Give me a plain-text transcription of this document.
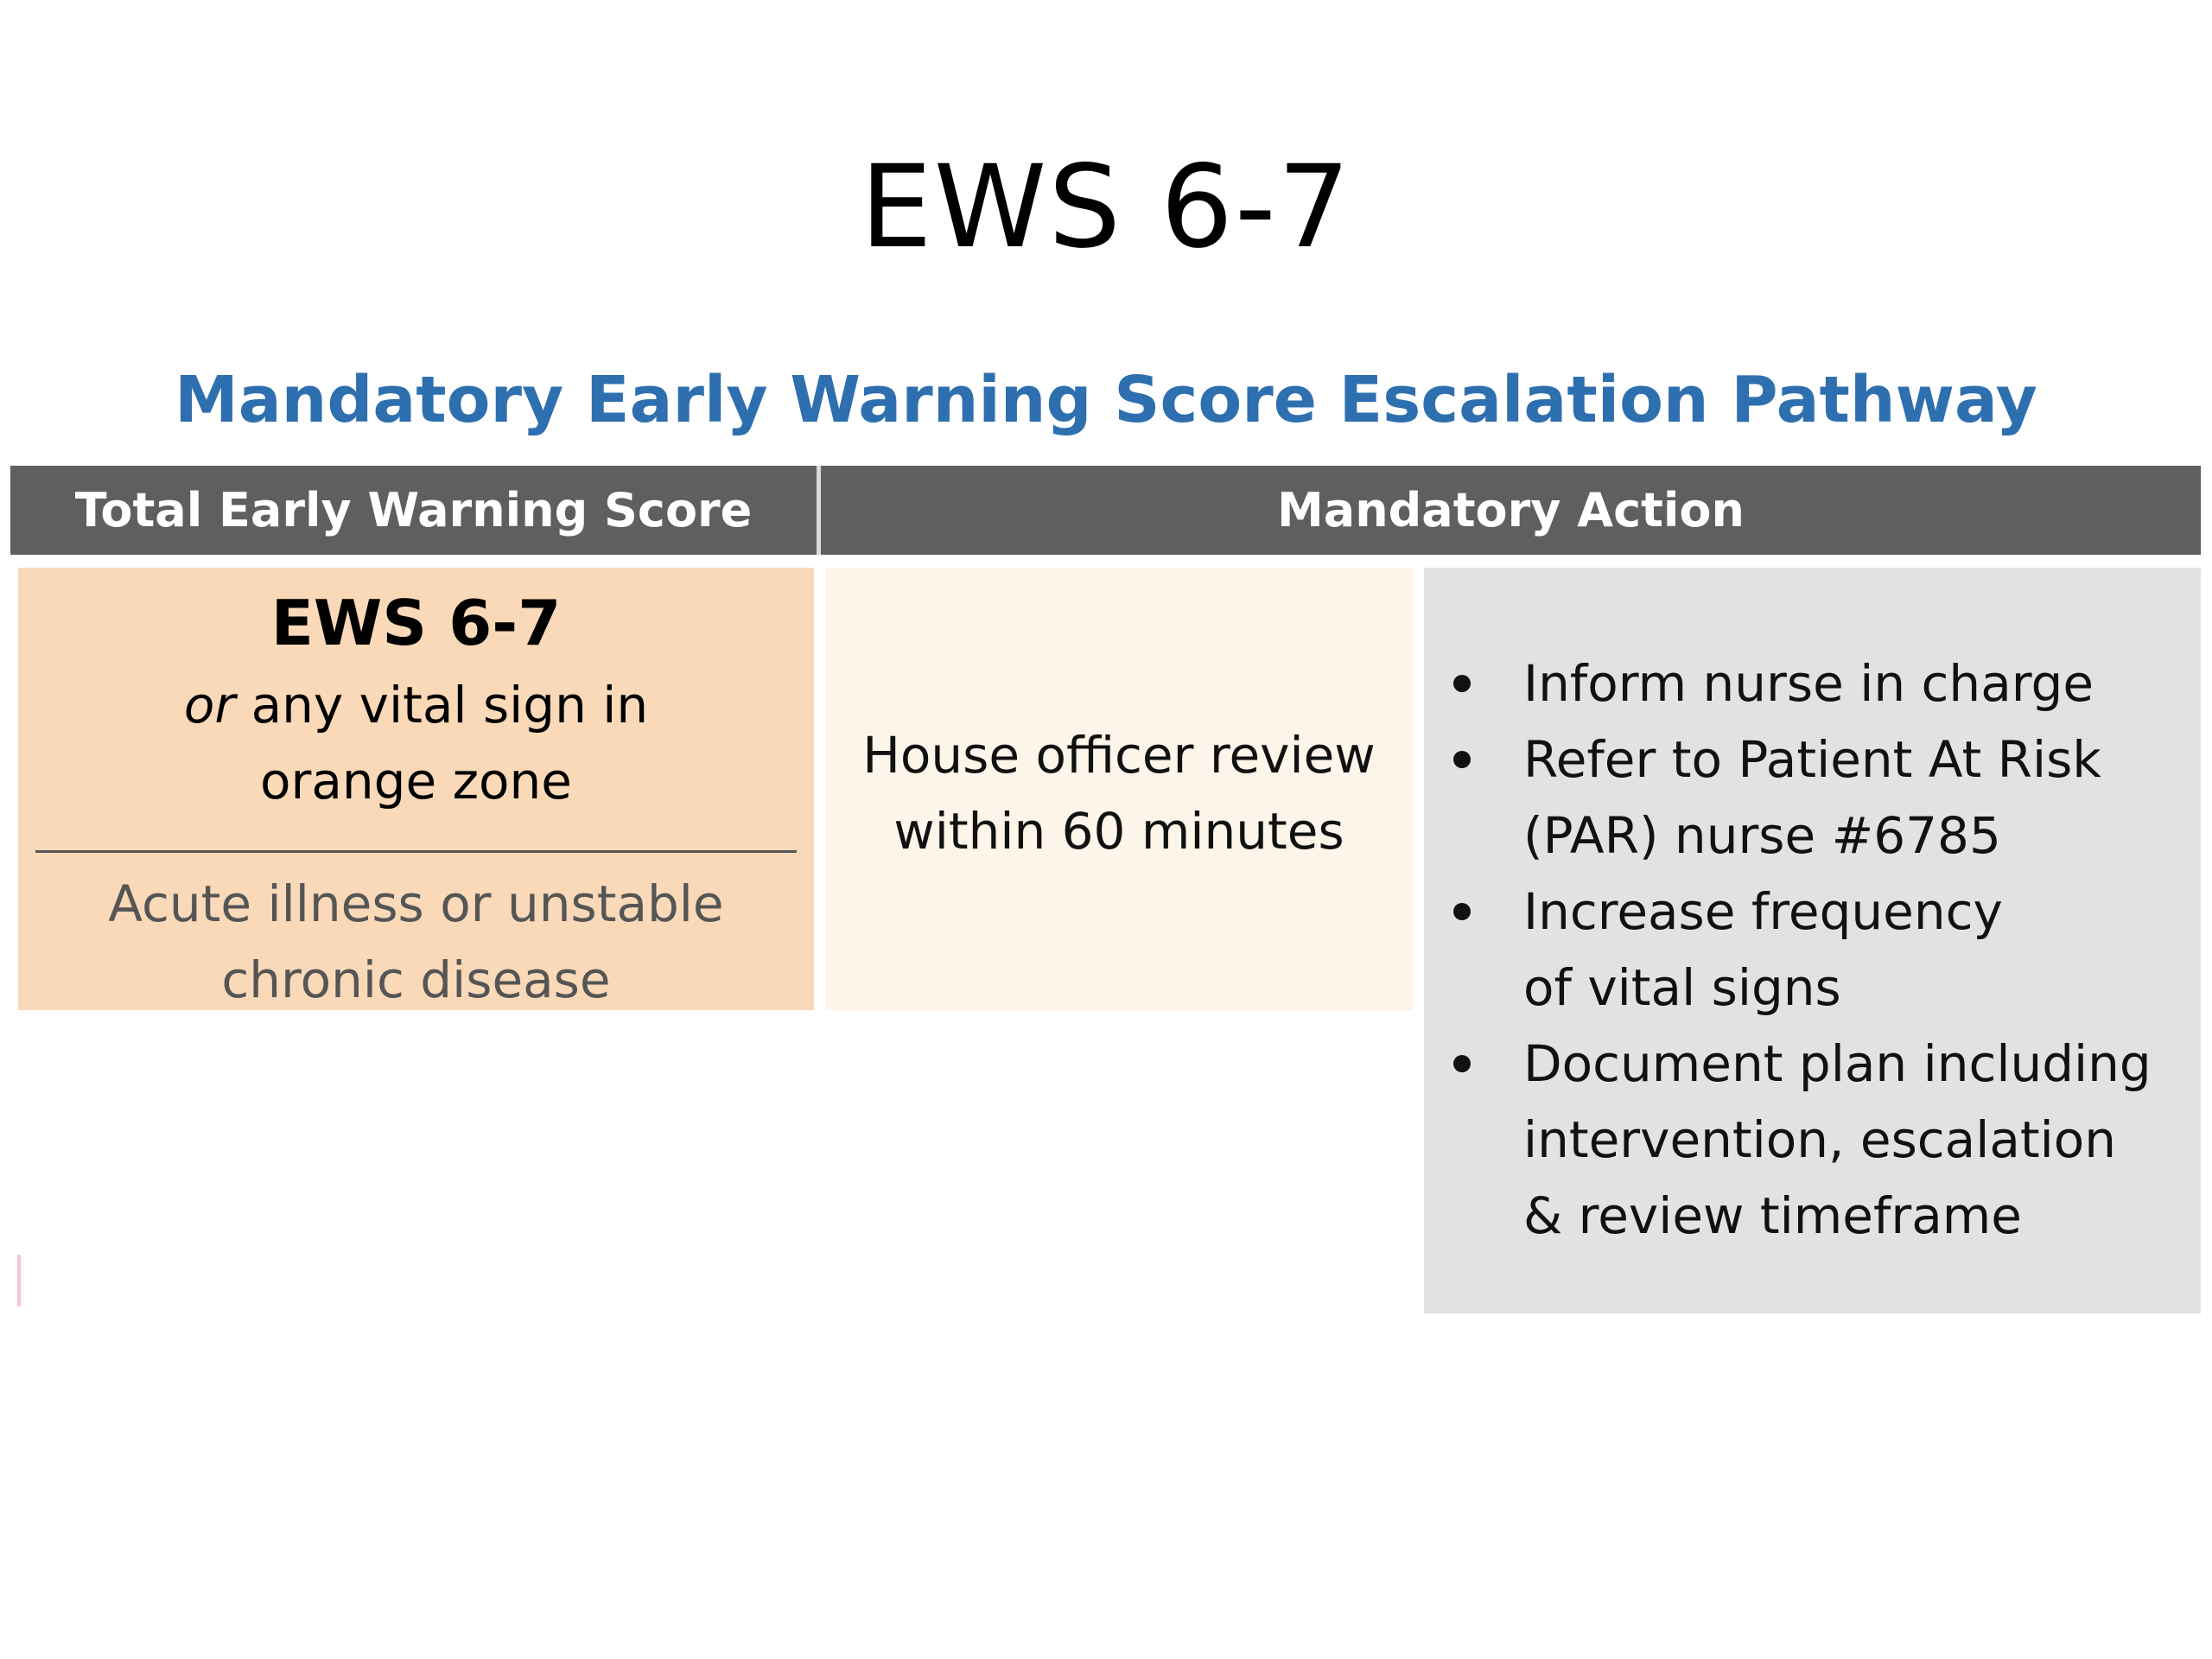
EWS 6-7
Mandatory Early Warning Score Escalation Pathway
Total Early Warning Score	Mandatory Action
EWS 6-7
or any vital sign in
orange zone
Acute illness or unstable
chronic disease
House officer review
within 60 minutes
Inform nurse in charge
Refer to Patient At Risk
(PAR) nurse #6785
Increase frequency
of vital signs
Document plan including
intervention, escalation
& review timeframe
